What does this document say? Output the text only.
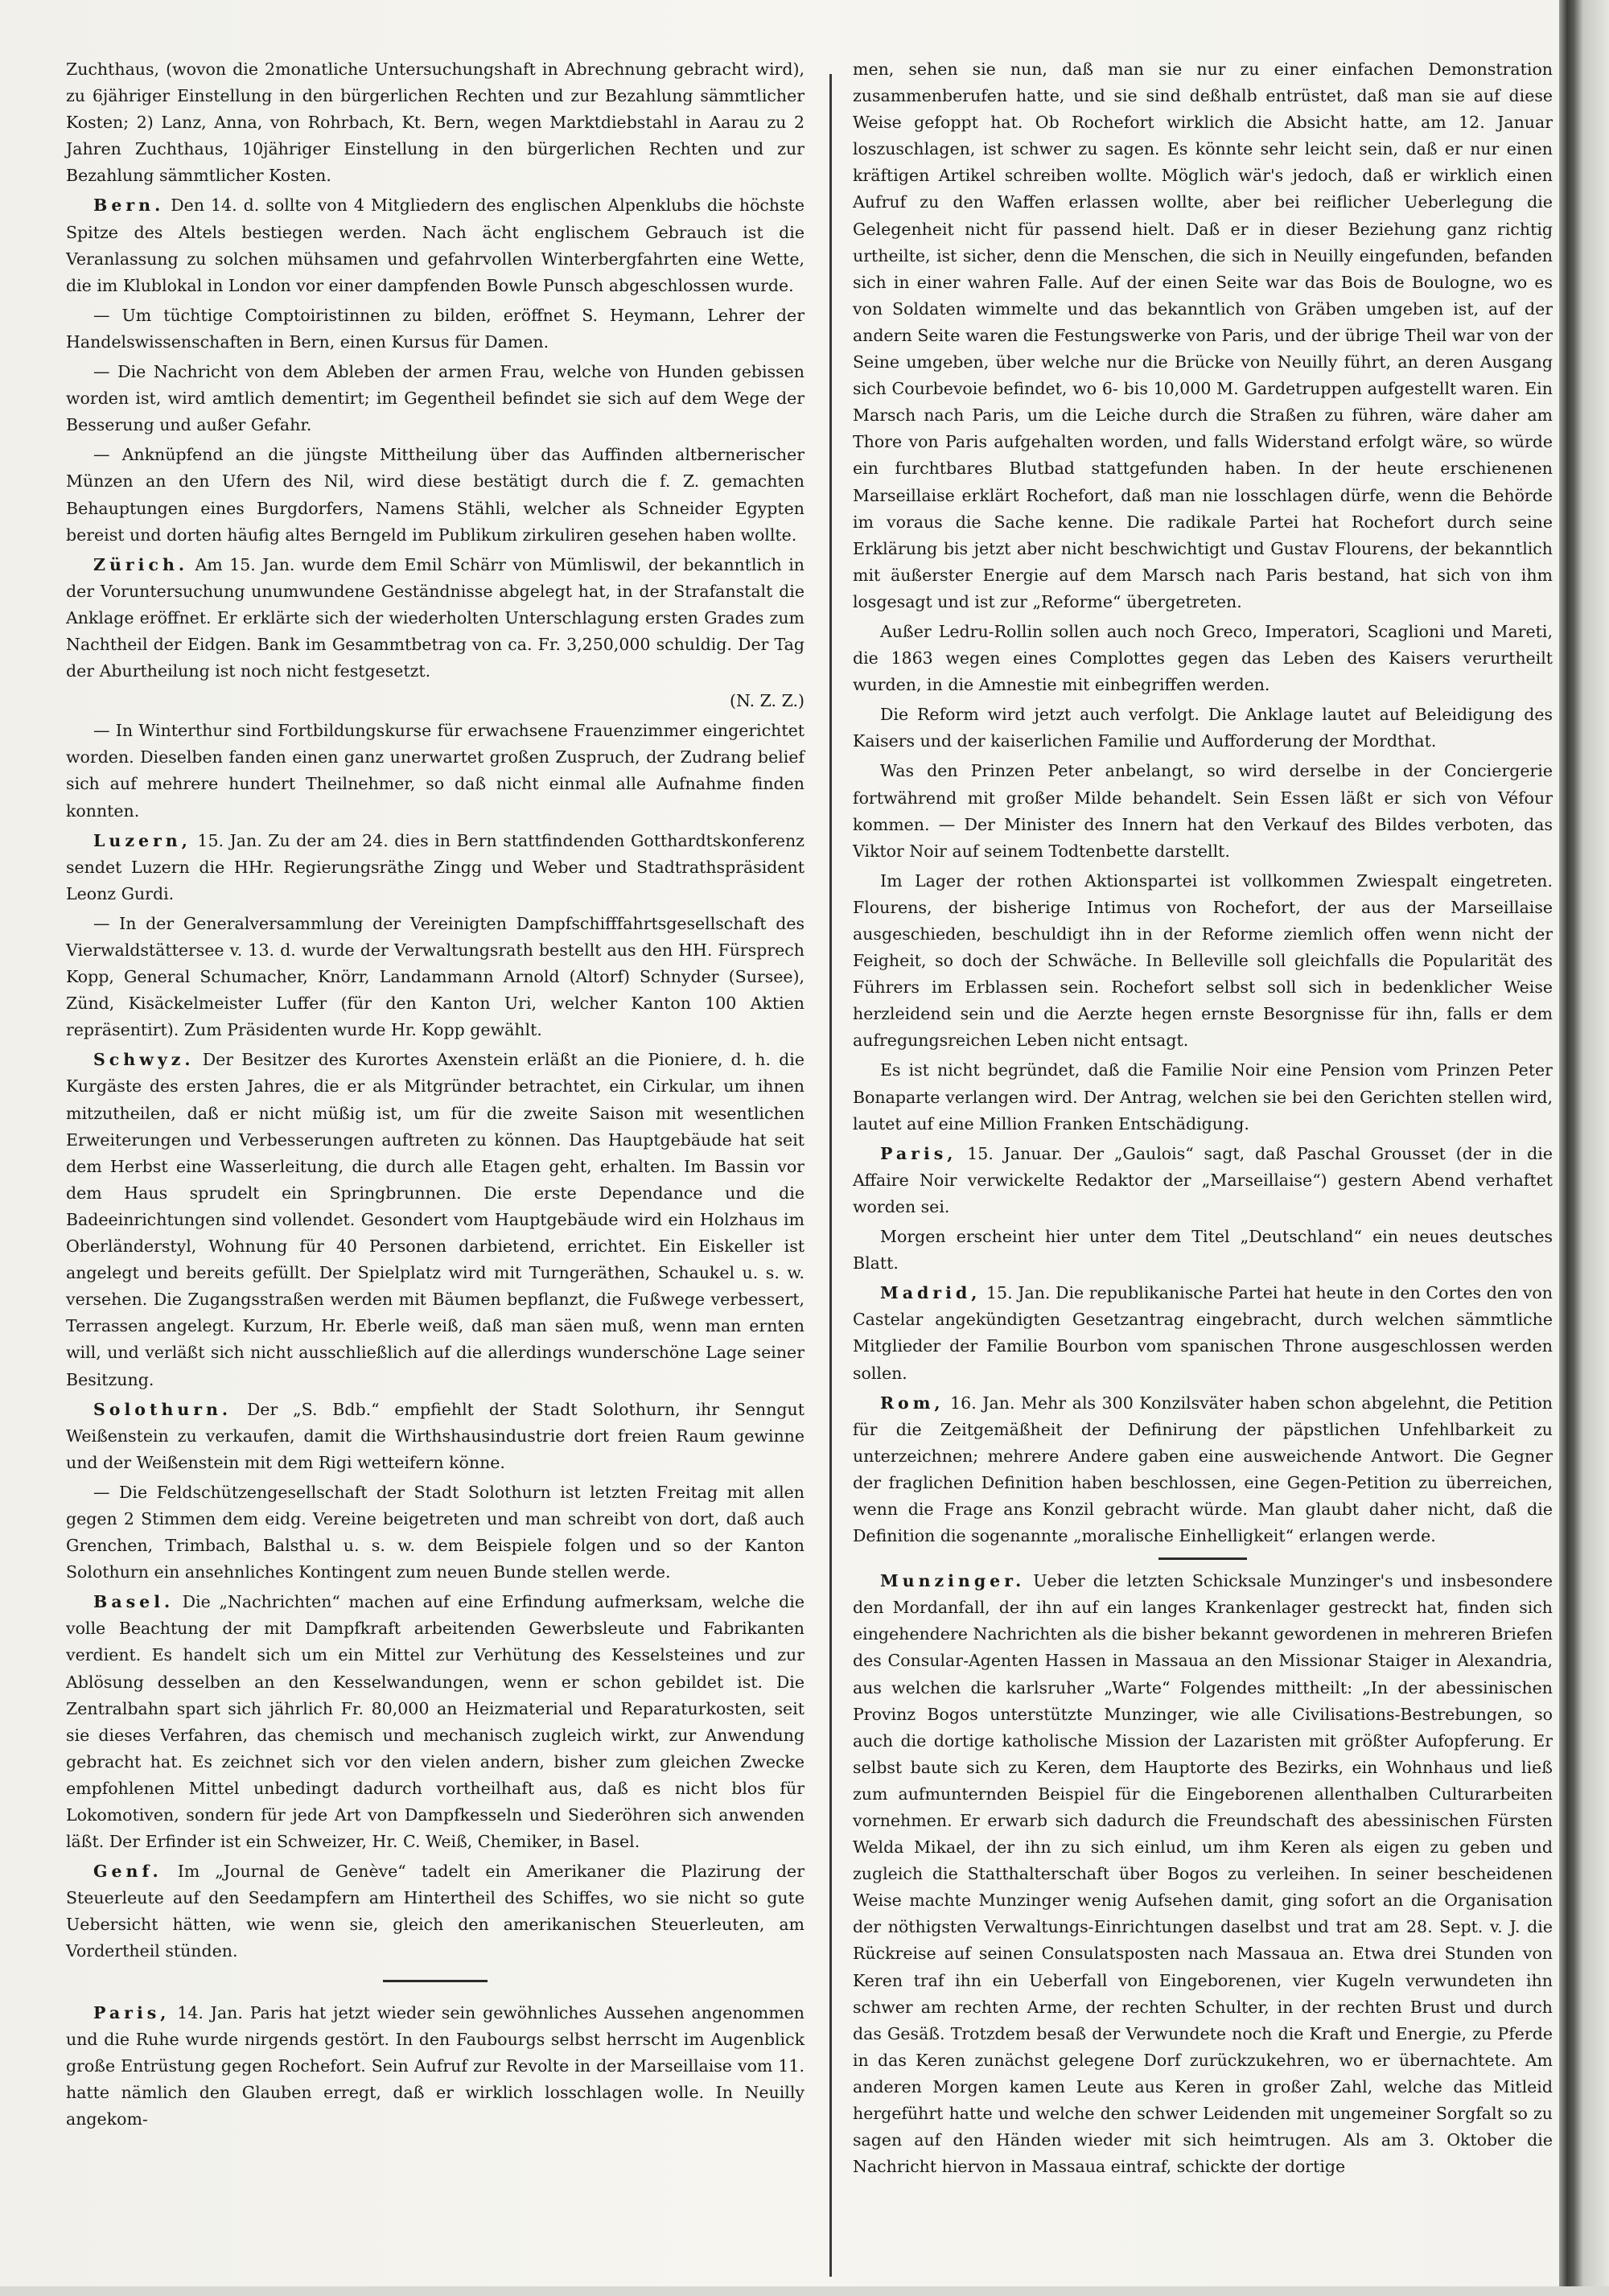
Zuchthaus, (wovon die 2monatliche Untersuchungshaft in Abrechnung gebracht wird), zu 6jähriger Einstellung in den bürgerlichen Rechten und zur Bezahlung sämmtlicher Kosten; 2) Lanz, Anna, von Rohrbach, Kt. Bern, wegen Marktdiebstahl in Aarau zu 2 Jahren Zuchthaus, 10jähriger Einstellung in den bürgerlichen Rechten und zur Bezahlung sämmtlicher Kosten.

Bern. Den 14. d. sollte von 4 Mitgliedern des englischen Alpenklubs die höchste Spitze des Altels bestiegen werden. Nach ächt englischem Gebrauch ist die Veranlassung zu solchen mühsamen und gefahrvollen Winterbergfahrten eine Wette, die im Klublokal in London vor einer dampfenden Bowle Punsch abgeschlossen wurde.

— Um tüchtige Comptoiristinnen zu bilden, eröffnet S. Heymann, Lehrer der Handelswissenschaften in Bern, einen Kursus für Damen.

— Die Nachricht von dem Ableben der armen Frau, welche von Hunden gebissen worden ist, wird amtlich dementirt; im Gegentheil befindet sie sich auf dem Wege der Besserung und außer Gefahr.

— Anknüpfend an die jüngste Mittheilung über das Auffinden altbernerischer Münzen an den Ufern des Nil, wird diese bestätigt durch die f. Z. gemachten Behauptungen eines Burgdorfers, Namens Stähli, welcher als Schneider Egypten bereist und dorten häufig altes Berngeld im Publikum zirkuliren gesehen haben wollte.

Zürich. Am 15. Jan. wurde dem Emil Schärr von Mümliswil, der bekanntlich in der Voruntersuchung unumwundene Geständnisse abgelegt hat, in der Strafanstalt die Anklage eröffnet. Er erklärte sich der wiederholten Unterschlagung ersten Grades zum Nachtheil der Eidgen. Bank im Gesammtbetrag von ca. Fr. 3,250,000 schuldig. Der Tag der Aburtheilung ist noch nicht festgesetzt.

(N. Z. Z.)

— In Winterthur sind Fortbildungskurse für erwachsene Frauenzimmer eingerichtet worden. Dieselben fanden einen ganz unerwartet großen Zuspruch, der Zudrang belief sich auf mehrere hundert Theilnehmer, so daß nicht einmal alle Aufnahme finden konnten.

Luzern, 15. Jan. Zu der am 24. dies in Bern stattfindenden Gotthardtskonferenz sendet Luzern die HHr. Regierungsräthe Zingg und Weber und Stadtrathspräsident Leonz Gurdi.

— In der Generalversammlung der Vereinigten Dampfschifffahrtsgesellschaft des Vierwaldstättersee v. 13. d. wurde der Verwaltungsrath bestellt aus den HH. Fürsprech Kopp, General Schumacher, Knörr, Landammann Arnold (Altorf) Schnyder (Sursee), Zünd, Kisäckelmeister Luffer (für den Kanton Uri, welcher Kanton 100 Aktien repräsentirt). Zum Präsidenten wurde Hr. Kopp gewählt.

Schwyz. Der Besitzer des Kurortes Axenstein erläßt an die Pioniere, d. h. die Kurgäste des ersten Jahres, die er als Mitgründer betrachtet, ein Cirkular, um ihnen mitzutheilen, daß er nicht müßig ist, um für die zweite Saison mit wesentlichen Erweiterungen und Verbesserungen auftreten zu können. Das Hauptgebäude hat seit dem Herbst eine Wasserleitung, die durch alle Etagen geht, erhalten. Im Bassin vor dem Haus sprudelt ein Springbrunnen. Die erste Dependance und die Badeeinrichtungen sind vollendet. Gesondert vom Hauptgebäude wird ein Holzhaus im Oberländerstyl, Wohnung für 40 Personen darbietend, errichtet. Ein Eiskeller ist angelegt und bereits gefüllt. Der Spielplatz wird mit Turngeräthen, Schaukel u. s. w. versehen. Die Zugangsstraßen werden mit Bäumen bepflanzt, die Fußwege verbessert, Terrassen angelegt. Kurzum, Hr. Eberle weiß, daß man säen muß, wenn man ernten will, und verläßt sich nicht ausschließlich auf die allerdings wunderschöne Lage seiner Besitzung.

Solothurn. Der „S. Bdb.“ empfiehlt der Stadt Solothurn, ihr Senngut Weißenstein zu verkaufen, damit die Wirthshausindustrie dort freien Raum gewinne und der Weißenstein mit dem Rigi wetteifern könne.

— Die Feldschützengesellschaft der Stadt Solothurn ist letzten Freitag mit allen gegen 2 Stimmen dem eidg. Vereine beigetreten und man schreibt von dort, daß auch Grenchen, Trimbach, Balsthal u. s. w. dem Beispiele folgen und so der Kanton Solothurn ein ansehnliches Kontingent zum neuen Bunde stellen werde.

Basel. Die „Nachrichten“ machen auf eine Erfindung aufmerksam, welche die volle Beachtung der mit Dampfkraft arbeitenden Gewerbsleute und Fabrikanten verdient. Es handelt sich um ein Mittel zur Verhütung des Kesselsteines und zur Ablösung desselben an den Kesselwandungen, wenn er schon gebildet ist. Die Zentralbahn spart sich jährlich Fr. 80,000 an Heizmaterial und Reparaturkosten, seit sie dieses Verfahren, das chemisch und mechanisch zugleich wirkt, zur Anwendung gebracht hat. Es zeichnet sich vor den vielen andern, bisher zum gleichen Zwecke empfohlenen Mittel unbedingt dadurch vortheilhaft aus, daß es nicht blos für Lokomotiven, sondern für jede Art von Dampfkesseln und Siederöhren sich anwenden läßt. Der Erfinder ist ein Schweizer, Hr. C. Weiß, Chemiker, in Basel.

Genf. Im „Journal de Genève“ tadelt ein Amerikaner die Plazirung der Steuerleute auf den Seedampfern am Hintertheil des Schiffes, wo sie nicht so gute Uebersicht hätten, wie wenn sie, gleich den amerikanischen Steuerleuten, am Vordertheil stünden.

Paris, 14. Jan. Paris hat jetzt wieder sein gewöhnliches Aussehen angenommen und die Ruhe wurde nirgends gestört. In den Faubourgs selbst herrscht im Augenblick große Entrüstung gegen Rochefort. Sein Aufruf zur Revolte in der Marseillaise vom 11. hatte nämlich den Glauben erregt, daß er wirklich losschlagen wolle. In Neuilly angekom-

men, sehen sie nun, daß man sie nur zu einer einfachen Demonstration zusammenberufen hatte, und sie sind deßhalb entrüstet, daß man sie auf diese Weise gefoppt hat. Ob Rochefort wirklich die Absicht hatte, am 12. Januar loszuschlagen, ist schwer zu sagen. Es könnte sehr leicht sein, daß er nur einen kräftigen Artikel schreiben wollte. Möglich wär's jedoch, daß er wirklich einen Aufruf zu den Waffen erlassen wollte, aber bei reiflicher Ueberlegung die Gelegenheit nicht für passend hielt. Daß er in dieser Beziehung ganz richtig urtheilte, ist sicher, denn die Menschen, die sich in Neuilly eingefunden, befanden sich in einer wahren Falle. Auf der einen Seite war das Bois de Boulogne, wo es von Soldaten wimmelte und das bekanntlich von Gräben umgeben ist, auf der andern Seite waren die Festungswerke von Paris, und der übrige Theil war von der Seine umgeben, über welche nur die Brücke von Neuilly führt, an deren Ausgang sich Courbevoie befindet, wo 6- bis 10,000 M. Gardetruppen aufgestellt waren. Ein Marsch nach Paris, um die Leiche durch die Straßen zu führen, wäre daher am Thore von Paris aufgehalten worden, und falls Widerstand erfolgt wäre, so würde ein furchtbares Blutbad stattgefunden haben. In der heute erschienenen Marseillaise erklärt Rochefort, daß man nie losschlagen dürfe, wenn die Behörde im voraus die Sache kenne. Die radikale Partei hat Rochefort durch seine Erklärung bis jetzt aber nicht beschwichtigt und Gustav Flourens, der bekanntlich mit äußerster Energie auf dem Marsch nach Paris bestand, hat sich von ihm losgesagt und ist zur „Reforme“ übergetreten.

Außer Ledru-Rollin sollen auch noch Greco, Imperatori, Scaglioni und Mareti, die 1863 wegen eines Complottes gegen das Leben des Kaisers verurtheilt wurden, in die Amnestie mit einbegriffen werden.

Die Reform wird jetzt auch verfolgt. Die Anklage lautet auf Beleidigung des Kaisers und der kaiserlichen Familie und Aufforderung der Mordthat.

Was den Prinzen Peter anbelangt, so wird derselbe in der Conciergerie fortwährend mit großer Milde behandelt. Sein Essen läßt er sich von Véfour kommen. — Der Minister des Innern hat den Verkauf des Bildes verboten, das Viktor Noir auf seinem Todtenbette darstellt.

Im Lager der rothen Aktionspartei ist vollkommen Zwiespalt eingetreten. Flourens, der bisherige Intimus von Rochefort, der aus der Marseillaise ausgeschieden, beschuldigt ihn in der Reforme ziemlich offen wenn nicht der Feigheit, so doch der Schwäche. In Belleville soll gleichfalls die Popularität des Führers im Erblassen sein. Rochefort selbst soll sich in bedenklicher Weise herzleidend sein und die Aerzte hegen ernste Besorgnisse für ihn, falls er dem aufregungsreichen Leben nicht entsagt.

Es ist nicht begründet, daß die Familie Noir eine Pension vom Prinzen Peter Bonaparte verlangen wird. Der Antrag, welchen sie bei den Gerichten stellen wird, lautet auf eine Million Franken Entschädigung.

Paris, 15. Januar. Der „Gaulois“ sagt, daß Paschal Grousset (der in die Affaire Noir verwickelte Redaktor der „Marseillaise“) gestern Abend verhaftet worden sei.

Morgen erscheint hier unter dem Titel „Deutschland“ ein neues deutsches Blatt.

Madrid, 15. Jan. Die republikanische Partei hat heute in den Cortes den von Castelar angekündigten Gesetzantrag eingebracht, durch welchen sämmtliche Mitglieder der Familie Bourbon vom spanischen Throne ausgeschlossen werden sollen.

Rom, 16. Jan. Mehr als 300 Konzilsväter haben schon abgelehnt, die Petition für die Zeitgemäßheit der Definirung der päpstlichen Unfehlbarkeit zu unterzeichnen; mehrere Andere gaben eine ausweichende Antwort. Die Gegner der fraglichen Definition haben beschlossen, eine Gegen-Petition zu überreichen, wenn die Frage ans Konzil gebracht würde. Man glaubt daher nicht, daß die Definition die sogenannte „moralische Einhelligkeit“ erlangen werde.

Munzinger. Ueber die letzten Schicksale Munzinger's und insbesondere den Mordanfall, der ihn auf ein langes Krankenlager gestreckt hat, finden sich eingehendere Nachrichten als die bisher bekannt gewordenen in mehreren Briefen des Consular-Agenten Hassen in Massaua an den Missionar Staiger in Alexandria, aus welchen die karlsruher „Warte“ Folgendes mittheilt: „In der abessinischen Provinz Bogos unterstützte Munzinger, wie alle Civilisations-Bestrebungen, so auch die dortige katholische Mission der Lazaristen mit größter Aufopferung. Er selbst baute sich zu Keren, dem Hauptorte des Bezirks, ein Wohnhaus und ließ zum aufmunternden Beispiel für die Eingeborenen allenthalben Culturarbeiten vornehmen. Er erwarb sich dadurch die Freundschaft des abessinischen Fürsten Welda Mikael, der ihn zu sich einlud, um ihm Keren als eigen zu geben und zugleich die Statthalterschaft über Bogos zu verleihen. In seiner bescheidenen Weise machte Munzinger wenig Aufsehen damit, ging sofort an die Organisation der nöthigsten Verwaltungs-Einrichtungen daselbst und trat am 28. Sept. v. J. die Rückreise auf seinen Consulatsposten nach Massaua an. Etwa drei Stunden von Keren traf ihn ein Ueberfall von Eingeborenen, vier Kugeln verwundeten ihn schwer am rechten Arme, der rechten Schulter, in der rechten Brust und durch das Gesäß. Trotzdem besaß der Verwundete noch die Kraft und Energie, zu Pferde in das Keren zunächst gelegene Dorf zurückzukehren, wo er übernachtete. Am anderen Morgen kamen Leute aus Keren in großer Zahl, welche das Mitleid hergeführt hatte und welche den schwer Leidenden mit ungemeiner Sorgfalt so zu sagen auf den Händen wieder mit sich heimtrugen. Als am 3. Oktober die Nachricht hiervon in Massaua eintraf, schickte der dortige
